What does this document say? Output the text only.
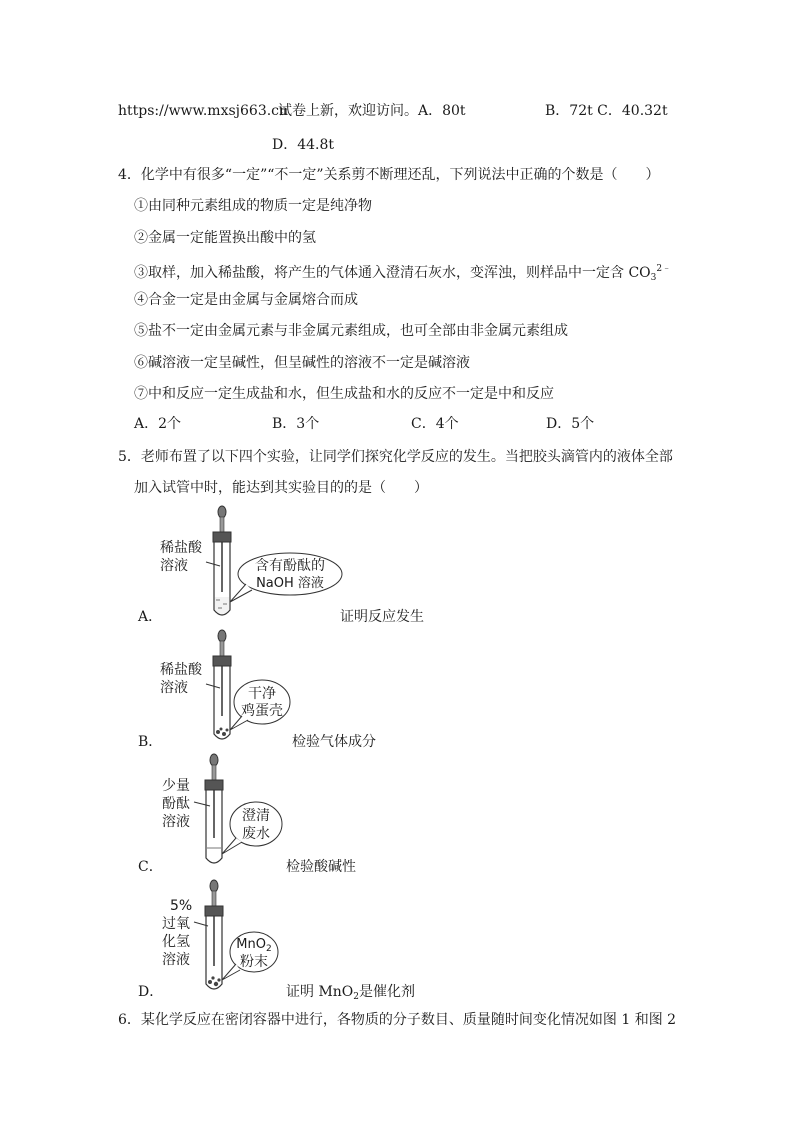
https://www.mxsj663.cn
试卷上新，欢迎访问。A．80t	B．72t C．40.32t
D．44.8t
4．化学中有很多“一定”“不一定”关系剪不断理还乱，下列说法中正确的个数是（　　）
①由同种元素组成的物质一定是纯净物
②金属一定能置换出酸中的氢
③取样，加入稀盐酸，将产生的气体通入澄清石灰水，变浑浊，则样品中一定含 $CO_3^{2﹣}$
④合金一定是由金属与金属熔合而成
⑤盐不一定由金属元素与非金属元素组成，也可全部由非金属元素组成
⑥碱溶液一定呈碱性，但呈碱性的溶液不一定是碱溶液
⑦中和反应一定生成盐和水，但生成盐和水的反应不一定是中和反应
A．2个	B．3个	C．4个	D．5个
5．老师布置了以下四个实验，让同学们探究化学反应的发生。当把胶头滴管内的液体全部
加入试管中时，能达到其实验目的的是（　　）
稀盐酸
溶液	含有酚酞的
NaOH 溶液
A．	证明反应发生
稀盐酸
溶液	干净
鸡蛋壳
B．	检验气体成分
少量
酚酞
溶液	澄清
废水
C．	检验酸碱性
5%
过氧
化氢
溶液
MnO$_2$
粉末
D．	证明 MnO$_2$是催化剂
6．某化学反应在密闭容器中进行，各物质的分子数目、质量随时间变化情况如图 1 和图 2
